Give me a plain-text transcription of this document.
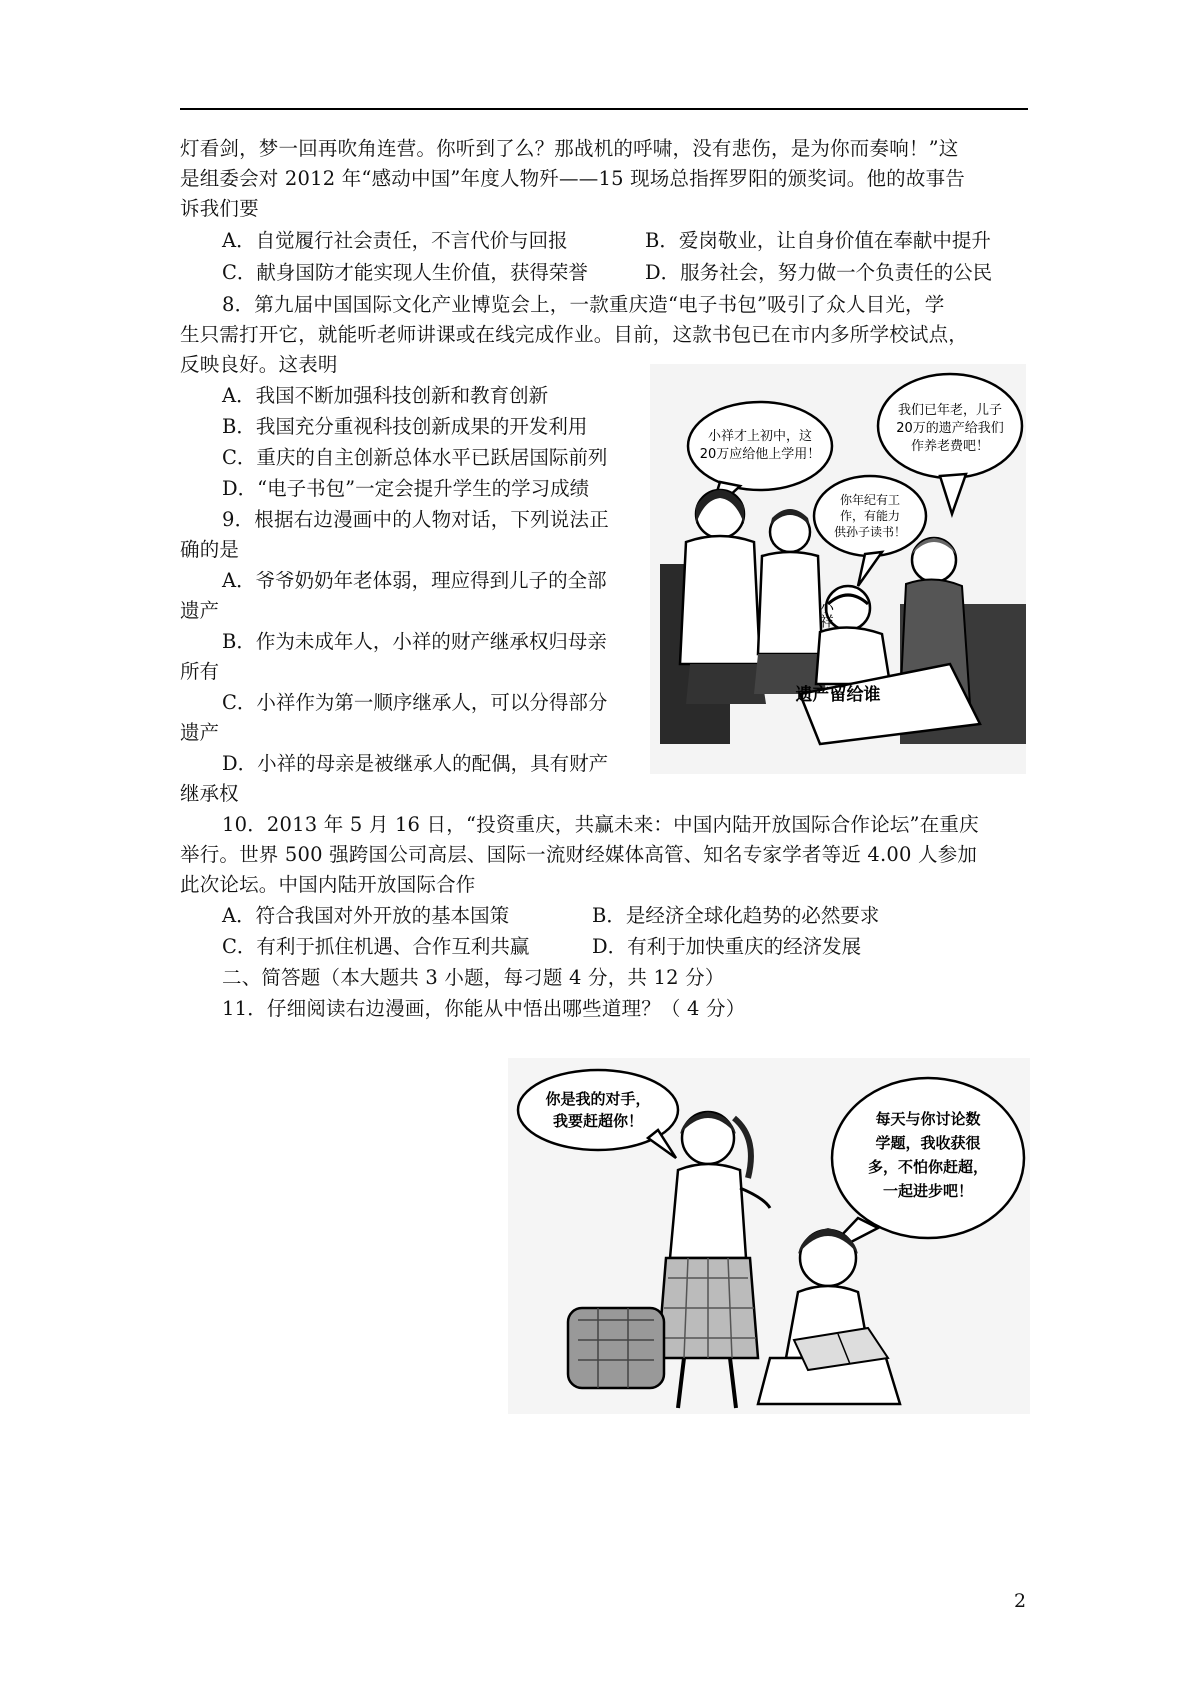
灯看剑，梦一回再吹角连营。你听到了么？那战机的呼啸，没有悲伤，是为你而奏响！”这
是组委会对 2012 年“感动中国”年度人物歼——15 现场总指挥罗阳的颁奖词。他的故事告
诉我们要
A．自觉履行社会责任，不言代价与回报	B．爱岗敬业，让自身价值在奉献中提升
C．献身国防才能实现人生价值，获得荣誉	D．服务社会，努力做一个负责任的公民
8．第九届中国国际文化产业博览会上，一款重庆造“电子书包”吸引了众人目光，学
生只需打开它，就能听老师讲课或在线完成作业。目前，这款书包已在市内多所学校试点，
反映良好。这表明
A．我国不断加强科技创新和教育创新
B．我国充分重视科技创新成果的开发利用
C．重庆的自主创新总体水平已跃居国际前列
D．“电子书包”一定会提升学生的学习成绩
9．根据右边漫画中的人物对话，下列说法正
确的是
A．爷爷奶奶年老体弱，理应得到儿子的全部
遗产
B．作为未成年人，小祥的财产继承权归母亲
所有
C．小祥作为第一顺序继承人，可以分得部分
遗产
D．小祥的母亲是被继承人的配偶，具有财产
继承权
小祥才上初中，这
20万应给他上学用！
我们已年老，儿子
20万的遗产给我们
作养老费吧！
你年纪有工
作，有能力
供孙子读书！
小祥
遗产留给谁
10．2013 年 5 月 16 日，“投资重庆，共赢未来：中国内陆开放国际合作论坛”在重庆
举行。世界 500 强跨国公司高层、国际一流财经媒体高管、知名专家学者等近 4.00 人参加
此次论坛。中国内陆开放国际合作
A．符合我国对外开放的基本国策	B．是经济全球化趋势的必然要求
C．有利于抓住机遇、合作互利共赢	D．有利于加快重庆的经济发展
二、简答题（本大题共 3 小题，每刁题 4 分，共 12 分）
11．仔细阅读右边漫画，你能从中悟出哪些道理？（ 4 分）
你是我的对手，
我要赶超你！	每天与你讨论数
学题，我收获很
多，不怕你赶超，
一起进步吧！
2
